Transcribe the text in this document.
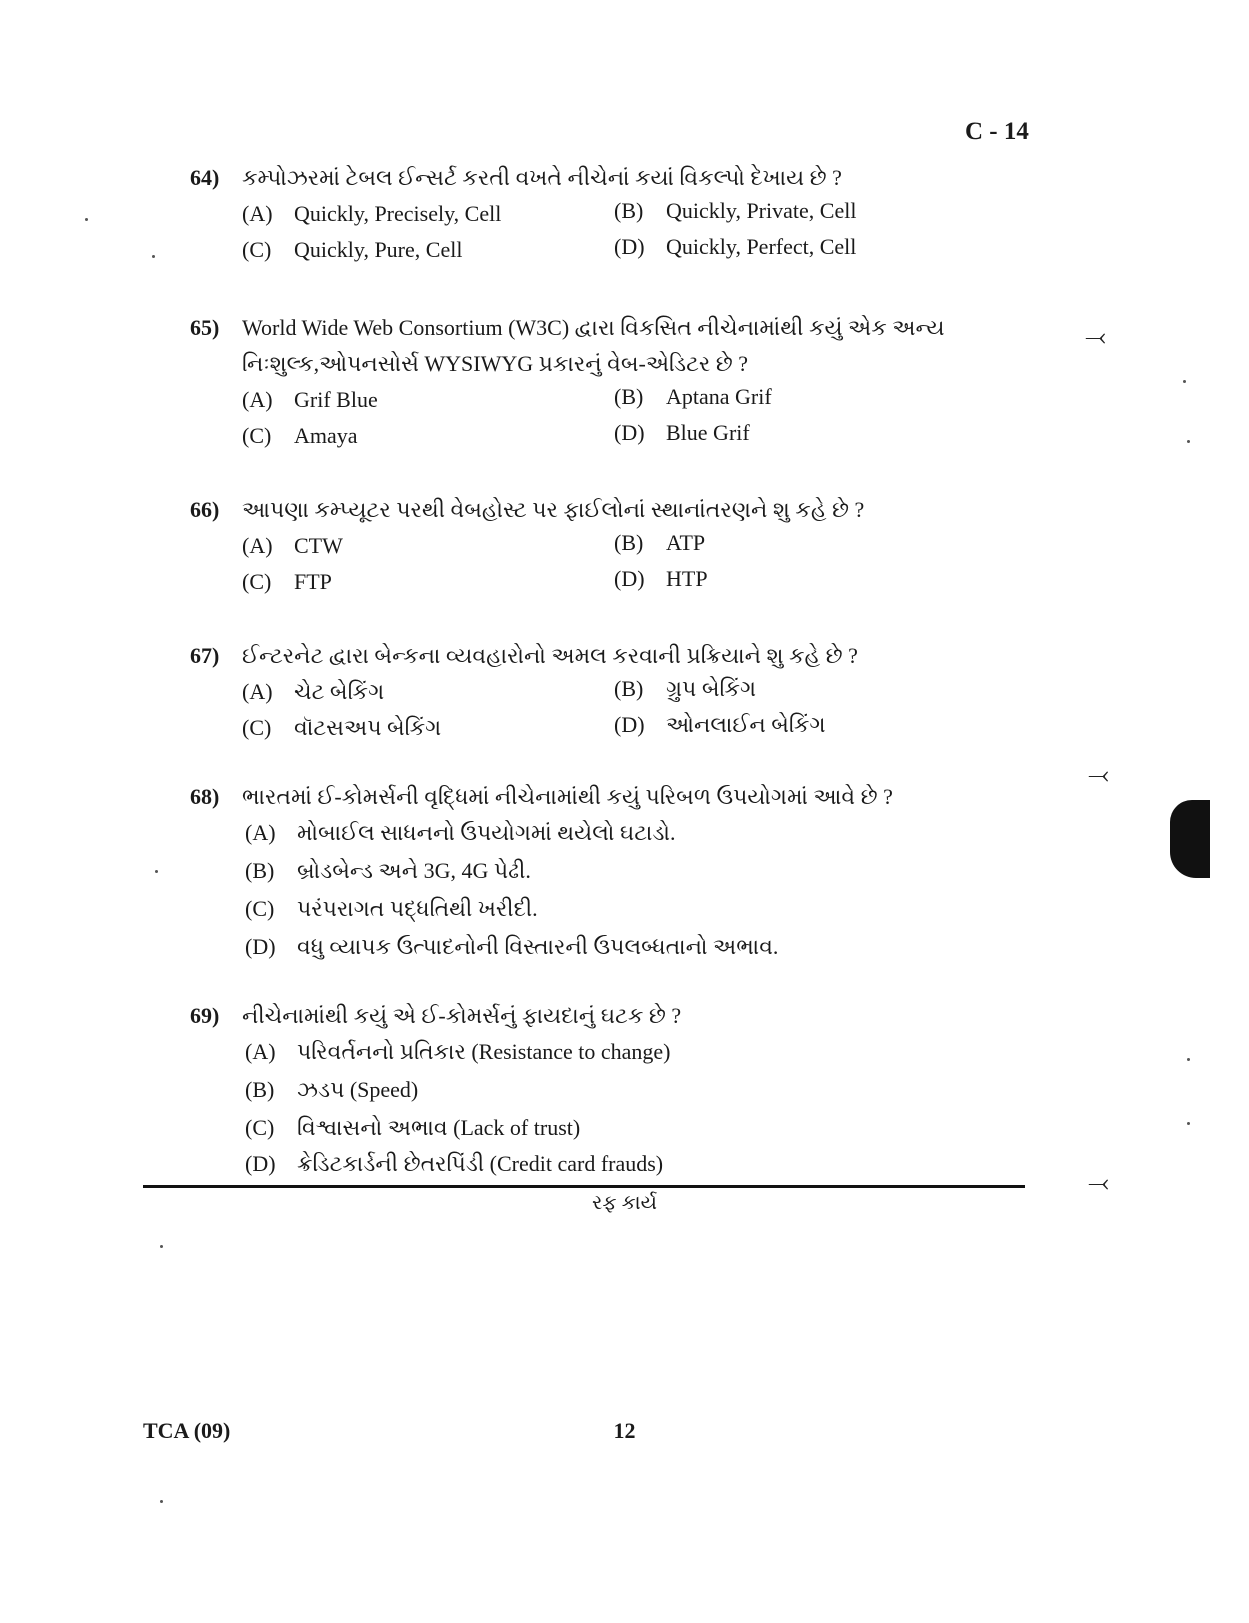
C - 14
64) કમ્પોઝરમાં ટેબલ ઈન્સર્ટ કરતી વખતે નીચેનાં કયાં વિકલ્પો દેખાય છે ?
(A) Quickly, Precisely, Cell	(B) Quickly, Private, Cell
(C) Quickly, Pure, Cell	(D) Quickly, Perfect, Cell
65) World Wide Web Consortium (W3C) દ્વારા વિકસિત નીચેનામાંથી કયું એક અન્ય
નિઃશુલ્ક,ઓપનસોર્સ WYSIWYG પ્રકારનું વેબ-એડિટર છે ?
(A) Grif Blue	(B) Aptana Grif
(C) Amaya	(D) Blue Grif
66) આપણા કમ્પ્યૂટર પરથી વેબહોસ્ટ પર ફાઈલોનાં સ્થાનાંતરણને શુ કહે છે ?
(A) CTW	(B) ATP
(C) FTP	(D) HTP
67) ઈન્ટરનેટ દ્વારા બેન્કના વ્યવહારોનો અમલ કરવાની પ્રક્રિયાને શુ કહે છે ?
(A) ચેટ બેકિંગ	(B) ગ્રુપ બેકિંગ
(C) વૉટસઅપ બેકિંગ	(D) ઓનલાઈન બેકિંગ
68) ભારતમાં ઈ-કોમર્સની વૃદ્ધિમાં નીચેનામાંથી કયું પરિબળ ઉપયોગમાં આવે છે ?
(A) મોબાઈલ સાધનનો ઉપયોગમાં થયેલો ઘટાડો.
(B) બ્રોડબેન્ડ અને 3G, 4G પેઢી.
(C) પરંપરાગત પદ્ધતિથી ખરીદી.
(D) વધુ વ્યાપક ઉત્પાદનોની વિસ્તારની ઉપલબ્ધતાનો અભાવ.
69) નીચેનામાંથી કયું એ ઈ-કોમર્સનું ફાયદાનું ઘટક છે ?
(A) પરિવર્તનનો પ્રતિકાર (Resistance to change)
(B) ઝડપ (Speed)
(C) વિશ્વાસનો અભાવ (Lack of trust)
(D) ક્રેડિટકાર્ડની છેતરપિંડી (Credit card frauds)
રફ કાર્ય
TCA (09)	12
⤙
⤙
⤙
